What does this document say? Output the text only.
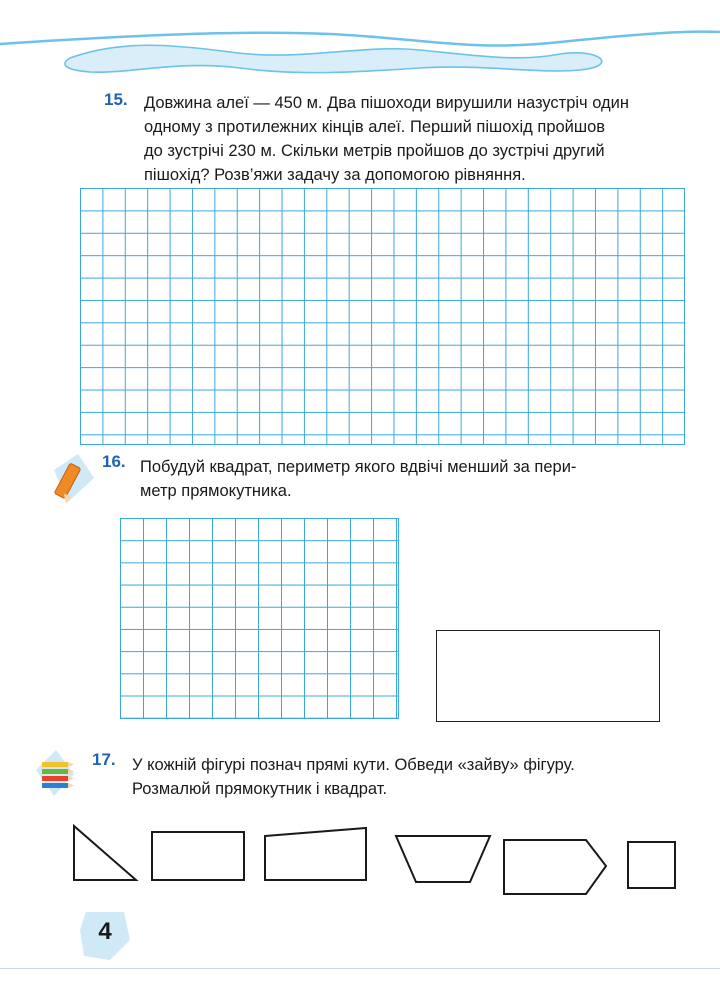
15. Довжина алеї — 450 м. Два пішоходи вирушили назустріч один
одному з протилежних кінців алеї. Перший пішохід пройшов
до зустрічі 230 м. Скільки метрів пройшов до зустрічі другий
пішохід? Розв’яжи задачу за допомогою рівняння.
16. Побудуй квадрат, периметр якого вдвічі менший за пери-
метр прямокутника.
17. У кожній фігурі познач прямі кути. Обведи «зайву» фігуру.
Розмалюй прямокутник і квадрат.
4
